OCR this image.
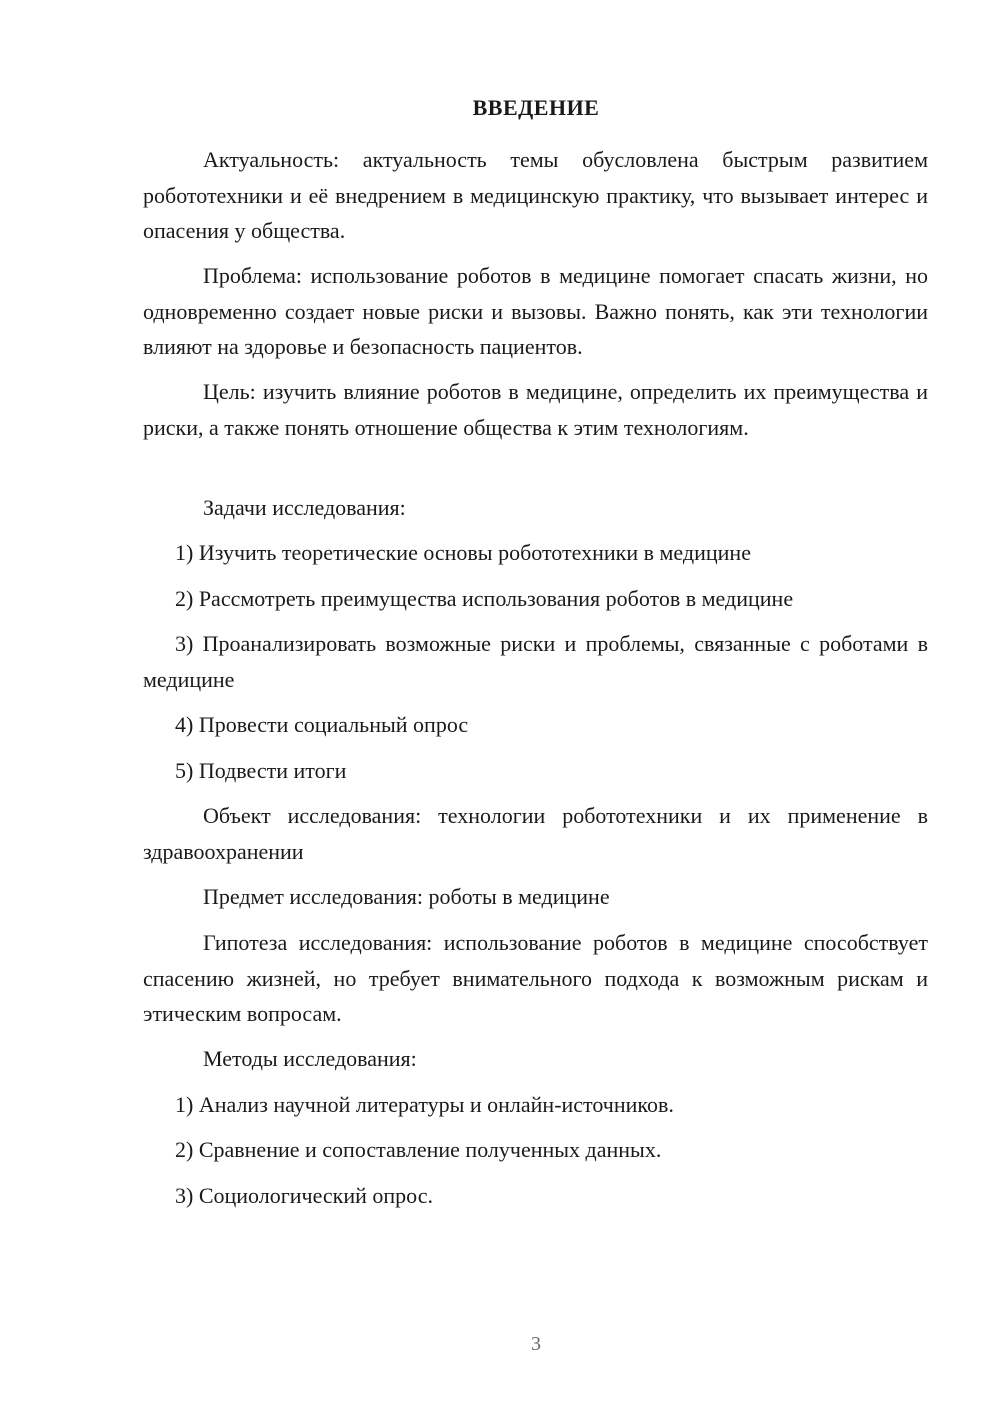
ВВЕДЕНИЕ

Актуальность: актуальность темы обусловлена быстрым развитием робототехники и её внедрением в медицинскую практику, что вызывает интерес и опасения у общества.

Проблема: использование роботов в медицине помогает спасать жизни, но одновременно создает новые риски и вызовы. Важно понять, как эти технологии влияют на здоровье и безопасность пациентов.

Цель: изучить влияние роботов в медицине, определить их преимущества и риски, а также понять отношение общества к этим технологиям.

Задачи исследования:

1) Изучить теоретические основы робототехники в медицине

2) Рассмотреть преимущества использования роботов в медицине

3) Проанализировать возможные риски и проблемы, связанные с роботами в медицине

4) Провести социальный опрос

5) Подвести итоги

Объект исследования: технологии робототехники и их применение в здравоохранении

Предмет исследования: роботы в медицине

Гипотеза исследования: использование роботов в медицине способствует спасению жизней, но требует внимательного подхода к возможным рискам и этическим вопросам.

Методы исследования:

1) Анализ научной литературы и онлайн-источников.

2) Сравнение и сопоставление полученных данных.

3) Социологический опрос.

3
